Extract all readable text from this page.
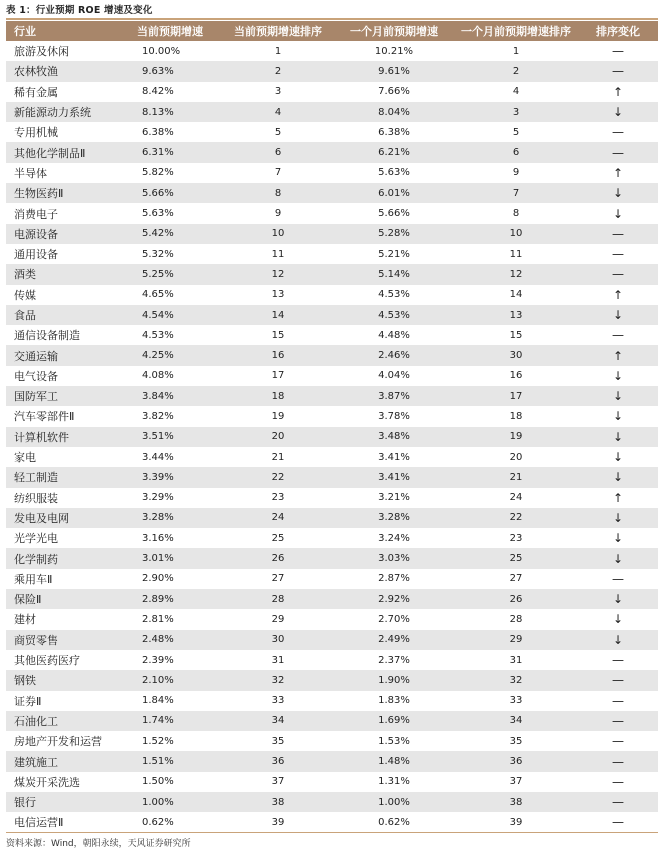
表 1：行业预期 ROE 增速及变化
行业	当前预期增速	当前预期增速排序	一个月前预期增速	一个月前预期增速排序	排序变化
旅游及休闲	10.00%	1	10.21%	1	—
农林牧渔	9.63%	2	9.61%	2	—
稀有金属	8.42%	3	7.66%	4	↑
新能源动力系统	8.13%	4	8.04%	3	↓
专用机械	6.38%	5	6.38%	5	—
其他化学制品Ⅱ	6.31%	6	6.21%	6	—
半导体	5.82%	7	5.63%	9	↑
生物医药Ⅱ	5.66%	8	6.01%	7	↓
消费电子	5.63%	9	5.66%	8	↓
电源设备	5.42%	10	5.28%	10	—
通用设备	5.32%	11	5.21%	11	—
酒类	5.25%	12	5.14%	12	—
传媒	4.65%	13	4.53%	14	↑
食品	4.54%	14	4.53%	13	↓
通信设备制造	4.53%	15	4.48%	15	—
交通运输	4.25%	16	2.46%	30	↑
电气设备	4.08%	17	4.04%	16	↓
国防军工	3.84%	18	3.87%	17	↓
汽车零部件Ⅱ	3.82%	19	3.78%	18	↓
计算机软件	3.51%	20	3.48%	19	↓
家电	3.44%	21	3.41%	20	↓
轻工制造	3.39%	22	3.41%	21	↓
纺织服装	3.29%	23	3.21%	24	↑
发电及电网	3.28%	24	3.28%	22	↓
光学光电	3.16%	25	3.24%	23	↓
化学制药	3.01%	26	3.03%	25	↓
乘用车Ⅱ	2.90%	27	2.87%	27	—
保险Ⅱ	2.89%	28	2.92%	26	↓
建材	2.81%	29	2.70%	28	↓
商贸零售	2.48%	30	2.49%	29	↓
其他医药医疗	2.39%	31	2.37%	31	—
钢铁	2.10%	32	1.90%	32	—
证券Ⅱ	1.84%	33	1.83%	33	—
石油化工	1.74%	34	1.69%	34	—
房地产开发和运营	1.52%	35	1.53%	35	—
建筑施工	1.51%	36	1.48%	36	—
煤炭开采洗选	1.50%	37	1.31%	37	—
银行	1.00%	38	1.00%	38	—
电信运营Ⅱ	0.62%	39	0.62%	39	—
资料来源：Wind，朝阳永续，天风证券研究所
